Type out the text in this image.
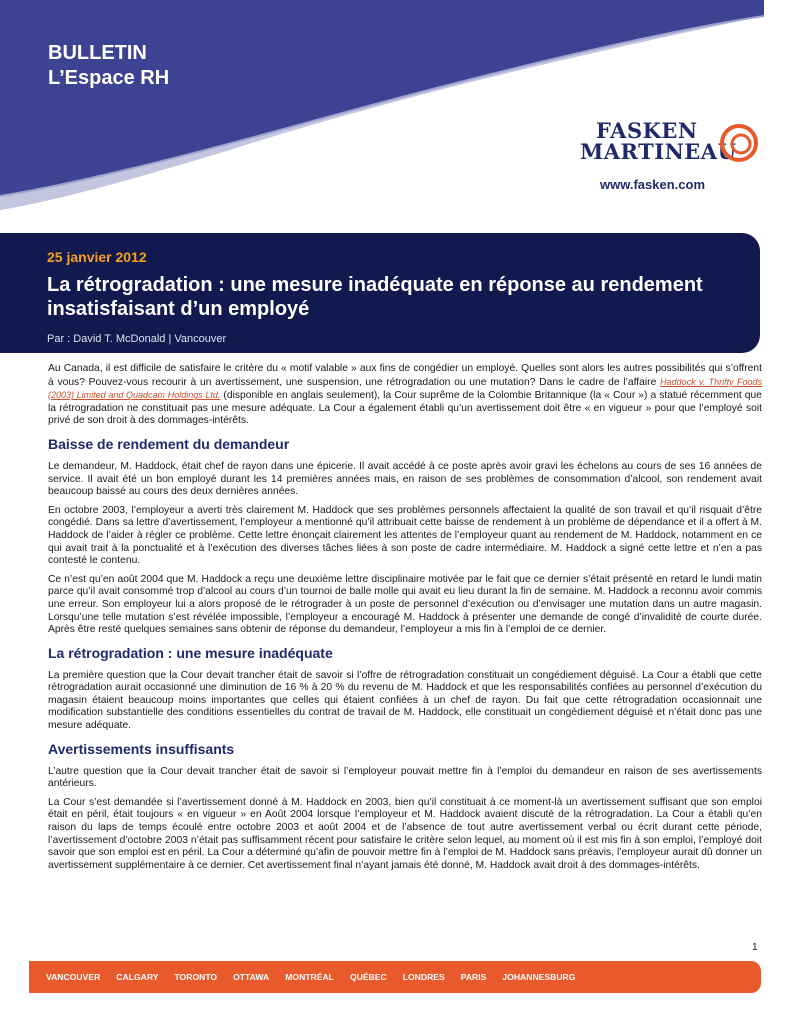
BULLETIN
L’Espace RH
FASKEN
MARTINEAU
www.fasken.com
25 janvier 2012
La rétrogradation : une mesure inadéquate en réponse au rendement insatisfaisant d’un employé
Par : David T. McDonald | Vancouver

Au Canada, il est difficile de satisfaire le critère du « motif valable » aux fins de congédier un employé. Quelles sont alors les autres possibilités qui s’offrent à vous? Pouvez-vous recourir à un avertissement, une suspension, une rétrogradation ou une mutation? Dans le cadre de l’affaire Haddock v. Thrifty Foods (2003) Limited and Quadcam Holdings Ltd. (disponible en anglais seulement), la Cour suprême de la Colombie Britannique (la « Cour ») a statué récemment que la rétrogradation ne constituait pas une mesure adéquate. La Cour a également établi qu’un avertissement doit être « en vigueur » pour que l’employé soit privé de son droit à des dommages-intérêts.

Baisse de rendement du demandeur

Le demandeur, M. Haddock, était chef de rayon dans une épicerie. Il avait accédé à ce poste après avoir gravi les échelons au cours de ses 16 années de service. Il avait été un bon employé durant les 14 premières années mais, en raison de ses problèmes de consommation d’alcool, son rendement avait beaucoup baissé au cours des deux dernières années.

En octobre 2003, l’employeur a averti très clairement M. Haddock que ses problèmes personnels affectaient la qualité de son travail et qu’il risquait d’être congédié. Dans sa lettre d’avertissement, l’employeur a mentionné qu’il attribuait cette baisse de rendement à un problème de dépendance et il a offert à M. Haddock de l’aider à régler ce problème. Cette lettre énonçait clairement les attentes de l’employeur quant au rendement de M. Haddock, notamment en ce qui avait trait à la ponctualité et à l’exécution des diverses tâches liées à son poste de cadre intermédiaire. M. Haddock a signé cette lettre et n’en a pas contesté le contenu.

Ce n’est qu’en août 2004 que M. Haddock a reçu une deuxième lettre disciplinaire motivée par le fait que ce dernier s’était présenté en retard le lundi matin parce qu’il avait consommé trop d’alcool au cours d’un tournoi de balle molle qui avait eu lieu durant la fin de semaine. M. Haddock a reconnu avoir commis une erreur. Son employeur lui a alors proposé de le rétrograder à un poste de personnel d’exécution ou d’envisager une mutation dans un autre magasin. Lorsqu’une telle mutation s’est révélée impossible, l’employeur a encouragé M. Haddock à présenter une demande de congé d’invalidité de courte durée. Après être resté quelques semaines sans obtenir de réponse du demandeur, l’employeur a mis fin à l’emploi de ce dernier.

La rétrogradation : une mesure inadéquate

La première question que la Cour devait trancher était de savoir si l’offre de rétrogradation constituait un congédiement déguisé. La Cour a établi que cette rétrogradation aurait occasionné une diminution de 16 % à 20 % du revenu de M. Haddock et que les responsabilités confiées au personnel d’exécution du magasin étaient beaucoup moins importantes que celles qui étaient confiées à un chef de rayon. Du fait que cette rétrogradation occasionnait une modification substantielle des conditions essentielles du contrat de travail de M. Haddock, elle constituait un congédiement déguisé et n’était donc pas une mesure adéquate.

Avertissements insuffisants

L’autre question que la Cour devait trancher était de savoir si l’employeur pouvait mettre fin à l’emploi du demandeur en raison de ses avertissements antérieurs.

La Cour s’est demandée si l’avertissement donné à M. Haddock en 2003, bien qu’il constituait à ce moment-là un avertissement suffisant que son emploi était en péril, était toujours « en vigueur » en Août 2004 lorsque l’employeur et M. Haddock avaient discuté de la rétrogradation. La Cour a établi qu’en raison du laps de temps écoulé entre octobre 2003 et août 2004 et de l’absence de tout autre avertissement verbal ou écrit durant cette période, l’avertissement d’octobre 2003 n’était pas suffisamment récent pour satisfaire le critère selon lequel, au moment où il est mis fin à son emploi, l’employé doit savoir que son emploi est en péril. La Cour a déterminé qu’afin de pouvoir mettre fin à l’emploi de M. Haddock sans préavis, l’employeur aurait dû donner un avertissement supplémentaire à ce dernier. Cet avertissement final n’ayant jamais été donné, M. Haddock avait droit à des dommages-intérêts.

1
VANCOUVER CALGARY TORONTO OTTAWA MONTRÉAL QUÉBEC LONDRES PARIS JOHANNESBURG
